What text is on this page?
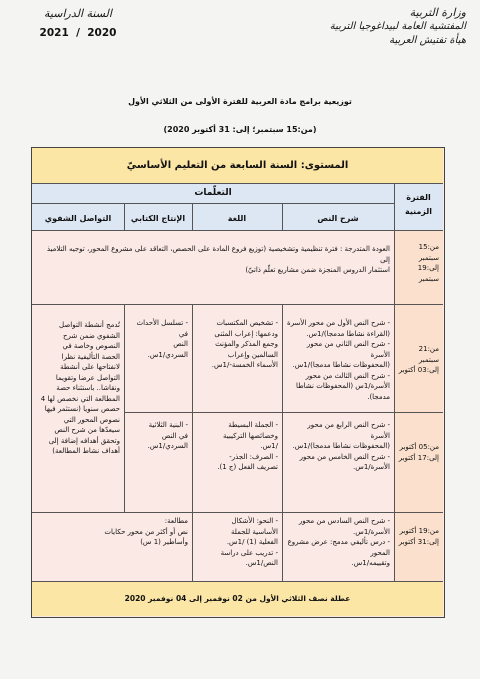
وزارة التربية
المفتشية العامة لبيداغوجيا التربية
هيأة تفتيش العربية
السنة الدراسية
2021  /  2020
توزيعية برامج مادة العربية للفترة الأولى من الثلاثي الأول
(من:15 سبتمبر؛ إلى: 31 أكتوبر 2020)
المستوى: السنة السابعة من التعليم الأساسيّ
التعلّمات	الفترة الزمنية
شرح النص
اللغة
الإنتاج الكتابي
التواصل الشفوي
من:15 سبتمبر
إلى:19 سبتمبر
العودة المتدرجة : فترة تنظيمية وتشخيصية (توزيع فروع المادة على الحصص، التعاقد على مشروع المحور، توجيه التلاميذ إلى
استثمار الدروس المنجزة ضمن مشاريع تعلّم ذاتيّ)
من:21 سبتمبر
إلى:03 أكتوبر
- شرح النص الأول من محور الأسرة
(القراءة نشاطا مدمجا)/1س.
- شرح النص الثاني من محور الأسرة
(المحفوظات نشاطا مدمجا)/1س.
- شرح النص الثالث من محور
الأسرة/1س (المحفوظات نشاطا مدمجا).
- تشخيص المكتسبات
ودعمها: إعراب المثنى
وجمع المذكر والمؤنث
السالمين وإعراب
الأسماء الخمسة-/1س.
- تسلسل الأحداث في
النص
السردي/1س.
تُدمج أنشطة التواصل
الشفوي ضمن شرح
النصوص وخاصة في
الحصة التأليفية نظرا
لانفتاحها على أنشطة
التواصل عرضا وتقويما
ونقاشا.. باستثناء حصة
المطالعة التي نخصص لها 4
حصص سنويا (نستثمر فيها
نصوص المحور التي
سيعدّها من شرح النص
وتحقق أهدافه إضافة إلى
أهداف نشاط المطالعة)	من:05 أكتوبر
إلى:17 أكتوبر
- شرح النص الرابع من محور الأسرة
(المحفوظات نشاطا مدمجا)/1س.
- شرح النص الخامس من محور
الأسرة/1س.
- الجملة البسيطة
وخصائصها التركيبية
/1س.
- الصرف: الجذر-
تصريف الفعل (ج 1).
- البنية الثلاثية
في النص
السردي/1س.
من:19 أكتوبر
إلى:31 أكتوبر
- شرح النص السادس من محور
الأسرة/1س.
- درس تأليفي مدمج: عرض مشروع المحور
وتقييمه/1س.
- النحو: الأشكال
الأساسية للجملة
الفعلية (1) /1س.
- تدريب على دراسة
النص/1س.
مطالعة:
نص أو أكثر من محور حكايات
وأساطير (1 س)
عطلة نصف الثلاثي الأول من 02 نوفمبر إلى 04 نوفمبر 2020
